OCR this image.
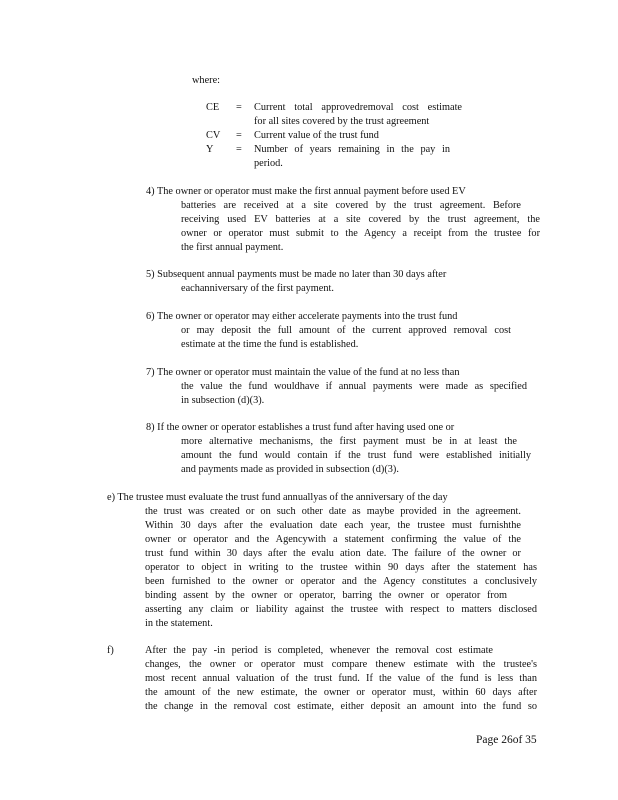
where:
CE = Current total approvedremoval cost estimate
for all sites covered by the trust agreement
CV = Current value of the trust fund
Y = Number of years remaining in the pay in
period.
4) The owner or operator must make the first annual payment before used EV
batteries are received at a site covered by the trust agreement. Before
receiving used EV batteries at a site covered by the trust agreement, the
owner or operator must submit to the Agency a receipt from the trustee for
the first annual payment.
5) Subsequent annual payments must be made no later than 30 days after
eachanniversary of the first payment.
6) The owner or operator may either accelerate payments into the trust fund
or may deposit the full amount of the current approved removal cost
estimate at the time the fund is established.
7) The owner or operator must maintain the value of the fund at no less than
the value the fund wouldhave if annual payments were made as specified
in subsection (d)(3).
8) If the owner or operator establishes a trust fund after having used one or
more alternative mechanisms, the first payment must be in at least the
amount the fund would contain if the trust fund were established initially
and payments made as provided in subsection (d)(3).
e) The trustee must evaluate the trust fund annuallyas of the anniversary of the day
the trust was created or on such other date as maybe provided in the agreement.
Within 30 days after the evaluation date each year, the trustee must furnishthe
owner or operator and the Agencywith a statement confirming the value of the
trust fund within 30 days after the evalu ation date. The failure of the owner or
operator to object in writing to the trustee within 90 days after the statement has
been furnished to the owner or operator and the Agency constitutes a conclusively
binding assent by the owner or operator, barring the owner or operator from
asserting any claim or liability against the trustee with respect to matters disclosed
in the statement.
f)	After the pay -in period is completed, whenever the removal cost estimate
changes, the owner or operator must compare thenew estimate with the trustee's
most recent annual valuation of the trust fund. If the value of the fund is less than
the amount of the new estimate, the owner or operator must, within 60 days after
the change in the removal cost estimate, either deposit an amount into the fund so
Page 26of 35
